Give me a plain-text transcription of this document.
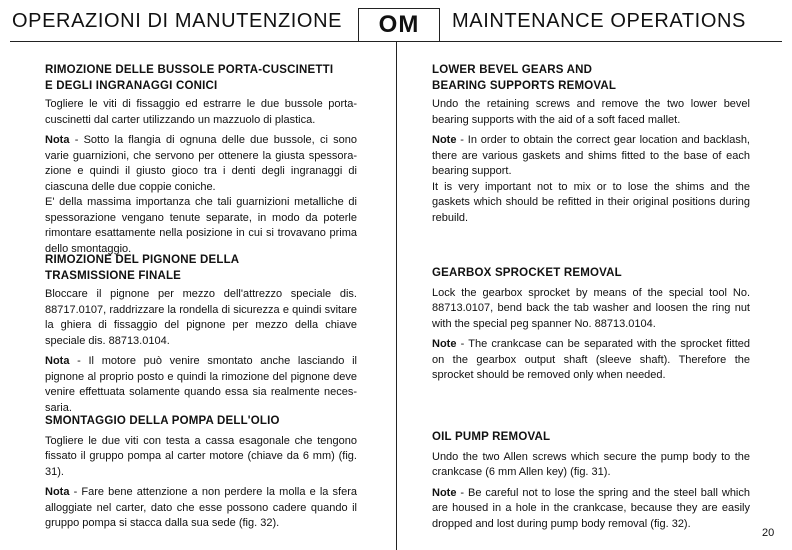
OPERAZIONI DI MANUTENZIONE OM MAINTENANCE OPERATIONS

RIMOZIONE DELLE BUSSOLE PORTA-CUSCINETTI
E DEGLI INGRANAGGI CONICI

Togliere le viti di fissaggio ed estrarre le due bussole porta-cuscinetti dal carter utilizzando un mazzuolo di plastica.

Nota - Sotto la flangia di ognuna delle due bussole, ci sono varie guarnizioni, che servono per ottenere la giusta spessora-zione e quindi il giusto gioco tra i denti degli ingranaggi di ciascuna delle due coppie coniche.

E' della massima importanza che tali guarnizioni metalliche di spessorazione vengano tenute separate, in modo da poterle rimontare esattamente nella posizione in cui si trovavano prima dello smontaggio.

RIMOZIONE DEL PIGNONE DELLA
TRASMISSIONE FINALE

Bloccare il pignone per mezzo dell'attrezzo speciale dis. 88717.0107, raddrizzare la rondella di sicurezza e quindi svitare la ghiera di fissaggio del pignone per mezzo della chiave speciale dis. 88713.0104.

Nota - Il motore può venire smontato anche lasciando il pignone al proprio posto e quindi la rimozione del pignone deve venire effettuata solamente quando essa sia realmente neces-saria.

SMONTAGGIO DELLA POMPA DELL'OLIO

Togliere le due viti con testa a cassa esagonale che tengono fissato il gruppo pompa al carter motore (chiave da 6 mm) (fig. 31).

Nota - Fare bene attenzione a non perdere la molla e la sfera alloggiate nel carter, dato che esse possono cadere quando il gruppo pompa si stacca dalla sua sede (fig. 32).

LOWER BEVEL GEARS AND
BEARING SUPPORTS REMOVAL

Undo the retaining screws and remove the two lower bevel bearing supports with the aid of a soft faced mallet.

Note - In order to obtain the correct gear location and backlash, there are various gaskets and shims fitted to the base of each bearing support.

It is very important not to mix or to lose the shims and the gaskets which should be refitted in their original positions during rebuild.

GEARBOX SPROCKET REMOVAL

Lock the gearbox sprocket by means of the special tool No. 88713.0107, bend back the tab washer and loosen the ring nut with the special peg spanner No. 88713.0104.

Note - The crankcase can be separated with the sprocket fitted on the gearbox output shaft (sleeve shaft). Therefore the sprocket should be removed only when needed.

OIL PUMP REMOVAL

Undo the two Allen screws which secure the pump body to the crankcase (6 mm Allen key) (fig. 31).

Note - Be careful not to lose the spring and the steel ball which are housed in a hole in the crankcase, because they are easily dropped and lost during pump body removal (fig. 32).

20
